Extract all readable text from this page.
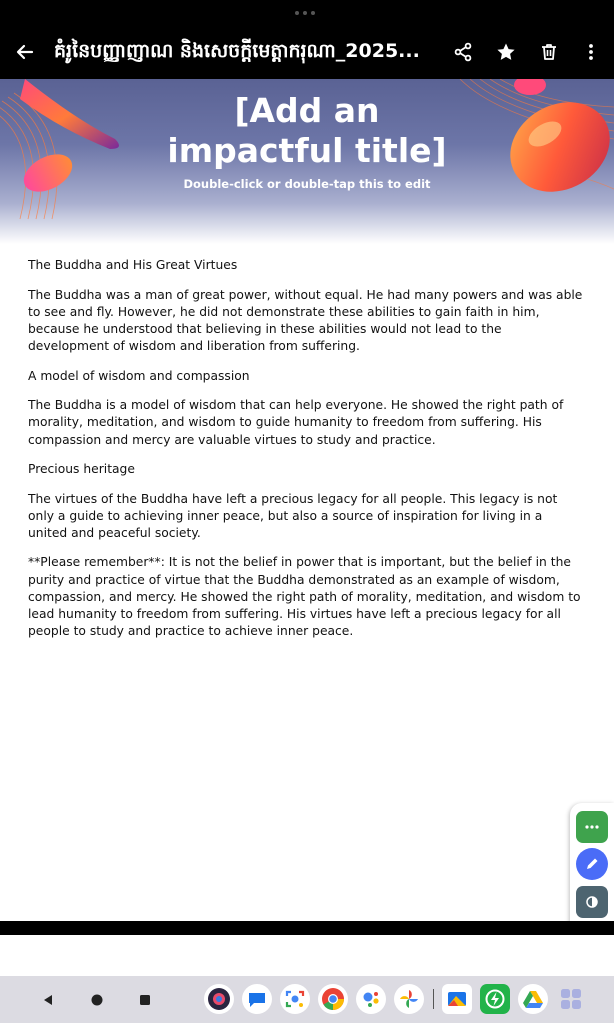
គំរូនៃបញ្ញាញាណ និងសេចក្តីមេត្តាករុណា_2025...
[Add an
impactful title]
Double-click or double-tap this to edit

The Buddha and His Great Virtues

The Buddha was a man of great power, without equal. He had many powers and was able to see and fly. However, he did not demonstrate these abilities to gain faith in him, because he understood that believing in these abilities would not lead to the development of wisdom and liberation from suffering.

A model of wisdom and compassion

The Buddha is a model of wisdom that can help everyone. He showed the right path of morality, meditation, and wisdom to guide humanity to freedom from suffering. His compassion and mercy are valuable virtues to study and practice.

Precious heritage

The virtues of the Buddha have left a precious legacy for all people. This legacy is not only a guide to achieving inner peace, but also a source of inspiration for living in a united and peaceful society.

**Please remember**: It is not the belief in power that is important, but the belief in the purity and practice of virtue that the Buddha demonstrated as an example of wisdom, compassion, and mercy. He showed the right path of morality, meditation, and wisdom to lead humanity to freedom from suffering. His virtues have left a precious legacy for all people to study and practice to achieve inner peace.
